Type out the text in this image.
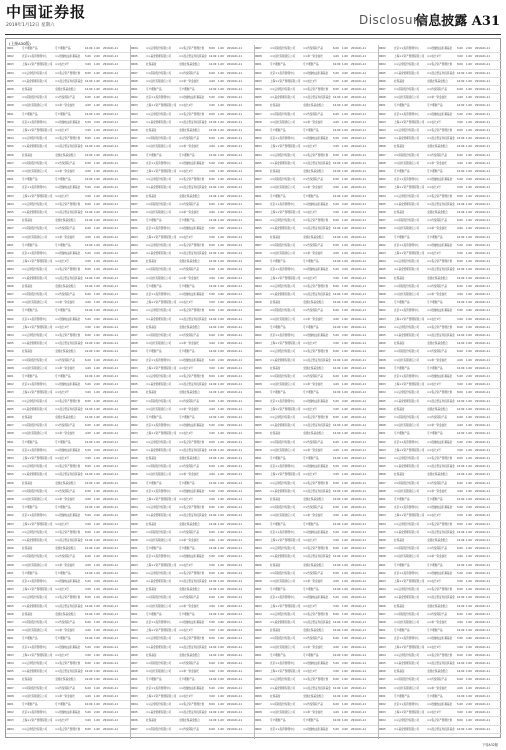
中国证券报
2019年1月12日 星期六	Disclosure
信息披露 A31
(上接A30版)
9001	专户理财产品	专户理财产品	10.00 1.00	2019-01-11
9002	北京××投资管理中心	××稳健收益私募基金	5.00	2.00	2019-01-11
9003	上海××资产管理有限公司	××成长1号	3.00	1.00	2019-01-11
9004	××证券股份有限公司	××集合资产管理计划	8.00	1.00	2019-01-11
9005	××基金管理有限公司	××混合型证券投资基金 10.00 1.00	2019-01-11
9006	社保基金	全国社保基金组合	10.00 1.00	2019-01-11
9007	××保险股份有限公司	××传统保险产品	6.00	1.00	2019-01-11
9008	××信托有限责任公司	××单一资金信托	4.00	1.00	2019-01-11
9001	专户理财产品	专户理财产品	10.00 1.00	2019-01-11
9002	北京××投资管理中心	××稳健收益私募基金	5.00	2.00	2019-01-11
9003	上海××资产管理有限公司	××成长1号	3.00	1.00	2019-01-11
9004	××证券股份有限公司	××集合资产管理计划	8.00	1.00	2019-01-11
9005	××基金管理有限公司	××混合型证券投资基金 10.00 1.00	2019-01-11
9006	社保基金	全国社保基金组合	10.00 1.00	2019-01-11
9007	××保险股份有限公司	××传统保险产品	6.00	1.00	2019-01-11
9008	××信托有限责任公司	××单一资金信托	4.00	1.00	2019-01-11
9001	专户理财产品	专户理财产品	10.00 1.00	2019-01-11
9002	北京××投资管理中心	××稳健收益私募基金	5.00	2.00	2019-01-11
9003	上海××资产管理有限公司	××成长1号	3.00	1.00	2019-01-11
9004	××证券股份有限公司	××集合资产管理计划	8.00	1.00	2019-01-11
9005	××基金管理有限公司	××混合型证券投资基金 10.00 1.00	2019-01-11
9006	社保基金	全国社保基金组合	10.00 1.00	2019-01-11
9007	××保险股份有限公司	××传统保险产品	6.00	1.00	2019-01-11
9008	××信托有限责任公司	××单一资金信托	4.00	1.00	2019-01-11
9001	专户理财产品	专户理财产品	10.00 1.00	2019-01-11
9002	北京××投资管理中心	××稳健收益私募基金	5.00	2.00	2019-01-11
9003	上海××资产管理有限公司	××成长1号	3.00	1.00	2019-01-11
9004	××证券股份有限公司	××集合资产管理计划	8.00	1.00	2019-01-11
9005	××基金管理有限公司	××混合型证券投资基金 10.00 1.00	2019-01-11
9006	社保基金	全国社保基金组合	10.00 1.00	2019-01-11
9007	××保险股份有限公司	××传统保险产品	6.00	1.00	2019-01-11
9008	××信托有限责任公司	××单一资金信托	4.00	1.00	2019-01-11
9001	专户理财产品	专户理财产品	10.00 1.00	2019-01-11
9002	北京××投资管理中心	××稳健收益私募基金	5.00	2.00	2019-01-11
9003	上海××资产管理有限公司	××成长1号	3.00	1.00	2019-01-11
9004	××证券股份有限公司	××集合资产管理计划	8.00	1.00	2019-01-11
9005	××基金管理有限公司	××混合型证券投资基金 10.00 1.00	2019-01-11
9006	社保基金	全国社保基金组合	10.00 1.00	2019-01-11
9007	××保险股份有限公司	××传统保险产品	6.00	1.00	2019-01-11
9008	××信托有限责任公司	××单一资金信托	4.00	1.00	2019-01-11
9001	专户理财产品	专户理财产品	10.00 1.00	2019-01-11
9002	北京××投资管理中心	××稳健收益私募基金	5.00	2.00	2019-01-11
9003	上海××资产管理有限公司	××成长1号	3.00	1.00	2019-01-11
9004	××证券股份有限公司	××集合资产管理计划	8.00	1.00	2019-01-11
9005	××基金管理有限公司	××混合型证券投资基金 10.00 1.00	2019-01-11
9006	社保基金	全国社保基金组合	10.00 1.00	2019-01-11
9007	××保险股份有限公司	××传统保险产品	6.00	1.00	2019-01-11
9008	××信托有限责任公司	××单一资金信托	4.00	1.00	2019-01-11
9001	专户理财产品	专户理财产品	10.00 1.00	2019-01-11
9002	北京××投资管理中心	××稳健收益私募基金	5.00	2.00	2019-01-11
9003	上海××资产管理有限公司	××成长1号	3.00	1.00	2019-01-11
9004	××证券股份有限公司	××集合资产管理计划	8.00	1.00	2019-01-11
9005	××基金管理有限公司	××混合型证券投资基金 10.00 1.00	2019-01-11
9006	社保基金	全国社保基金组合	10.00 1.00	2019-01-11
9007	××保险股份有限公司	××传统保险产品	6.00	1.00	2019-01-11
9008	××信托有限责任公司	××单一资金信托	4.00	1.00	2019-01-11
9001	专户理财产品	专户理财产品	10.00 1.00	2019-01-11
9002	北京××投资管理中心	××稳健收益私募基金	5.00	2.00	2019-01-11
9003	上海××资产管理有限公司	××成长1号	3.00	1.00	2019-01-11
9004	××证券股份有限公司	××集合资产管理计划	8.00	1.00	2019-01-11
9005	××基金管理有限公司	××混合型证券投资基金 10.00 1.00	2019-01-11
9006	社保基金	全国社保基金组合	10.00 1.00	2019-01-11
9007	××保险股份有限公司	××传统保险产品	6.00	1.00	2019-01-11
9008	××信托有限责任公司	××单一资金信托	4.00	1.00	2019-01-11
9001	专户理财产品	专户理财产品	10.00 1.00	2019-01-11
9002	北京××投资管理中心	××稳健收益私募基金	5.00	2.00	2019-01-11
9003	上海××资产管理有限公司	××成长1号	3.00	1.00	2019-01-11
9004	××证券股份有限公司	××集合资产管理计划	8.00	1.00	2019-01-11
9005	××基金管理有限公司	××混合型证券投资基金 10.00 1.00	2019-01-11
9006	社保基金	全国社保基金组合	10.00 1.00	2019-01-11
9007	××保险股份有限公司	××传统保险产品	6.00	1.00	2019-01-11
9008	××信托有限责任公司	××单一资金信托	4.00	1.00	2019-01-11
9001	专户理财产品	专户理财产品	10.00 1.00	2019-01-11
9002	北京××投资管理中心	××稳健收益私募基金	5.00	2.00	2019-01-11
9003	上海××资产管理有限公司	××成长1号	3.00	1.00	2019-01-11
9004	××证券股份有限公司	××集合资产管理计划	8.00	1.00	2019-01-11
9005	××基金管理有限公司	××混合型证券投资基金 10.00 1.00	2019-01-11
9006	社保基金	全国社保基金组合	10.00 1.00	2019-01-11
9007	××保险股份有限公司	××传统保险产品	6.00	1.00	2019-01-11
9008	××信托有限责任公司	××单一资金信托	4.00	1.00	2019-01-11
9001	专户理财产品	专户理财产品	10.00 1.00	2019-01-11
9002	北京××投资管理中心	××稳健收益私募基金	5.00	2.00	2019-01-11
9003	上海××资产管理有限公司	××成长1号	3.00	1.00	2019-01-11
9004	××证券股份有限公司	××集合资产管理计划	8.00	1.00	2019-01-11
9004	××证券股份有限公司	××集合资产管理计划	8.00	1.00	2019-01-11
9005	××基金管理有限公司	××混合型证券投资基金 10.00 1.00	2019-01-11
9006	社保基金	全国社保基金组合	10.00 1.00	2019-01-11
9007	××保险股份有限公司	××传统保险产品	6.00	1.00	2019-01-11
9008	××信托有限责任公司	××单一资金信托	4.00	1.00	2019-01-11
9001	专户理财产品	专户理财产品	10.00 1.00	2019-01-11
9002	北京××投资管理中心	××稳健收益私募基金	5.00	2.00	2019-01-11
9003	上海××资产管理有限公司	××成长1号	3.00	1.00	2019-01-11
9004	××证券股份有限公司	××集合资产管理计划	8.00	1.00	2019-01-11
9005	××基金管理有限公司	××混合型证券投资基金 10.00 1.00	2019-01-11
9006	社保基金	全国社保基金组合	10.00 1.00	2019-01-11
9007	××保险股份有限公司	××传统保险产品	6.00	1.00	2019-01-11
9008	××信托有限责任公司	××单一资金信托	4.00	1.00	2019-01-11
9001	专户理财产品	专户理财产品	10.00 1.00	2019-01-11
9002	北京××投资管理中心	××稳健收益私募基金	5.00	2.00	2019-01-11
9003	上海××资产管理有限公司	××成长1号	3.00	1.00	2019-01-11
9004	××证券股份有限公司	××集合资产管理计划	8.00	1.00	2019-01-11
9005	××基金管理有限公司	××混合型证券投资基金 10.00 1.00	2019-01-11
9006	社保基金	全国社保基金组合	10.00 1.00	2019-01-11
9007	××保险股份有限公司	××传统保险产品	6.00	1.00	2019-01-11
9008	××信托有限责任公司	××单一资金信托	4.00	1.00	2019-01-11
9001	专户理财产品	专户理财产品	10.00 1.00	2019-01-11
9002	北京××投资管理中心	××稳健收益私募基金	5.00	2.00	2019-01-11
9003	上海××资产管理有限公司	××成长1号	3.00	1.00	2019-01-11
9004	××证券股份有限公司	××集合资产管理计划	8.00	1.00	2019-01-11
9005	××基金管理有限公司	××混合型证券投资基金 10.00 1.00	2019-01-11
9006	社保基金	全国社保基金组合	10.00 1.00	2019-01-11
9007	××保险股份有限公司	××传统保险产品	6.00	1.00	2019-01-11
9008	××信托有限责任公司	××单一资金信托	4.00	1.00	2019-01-11
9001	专户理财产品	专户理财产品	10.00 1.00	2019-01-11
9002	北京××投资管理中心	××稳健收益私募基金	5.00	2.00	2019-01-11
9003	上海××资产管理有限公司	××成长1号	3.00	1.00	2019-01-11
9004	××证券股份有限公司	××集合资产管理计划	8.00	1.00	2019-01-11
9005	××基金管理有限公司	××混合型证券投资基金 10.00 1.00	2019-01-11
9006	社保基金	全国社保基金组合	10.00 1.00	2019-01-11
9007	××保险股份有限公司	××传统保险产品	6.00	1.00	2019-01-11
9008	××信托有限责任公司	××单一资金信托	4.00	1.00	2019-01-11
9001	专户理财产品	专户理财产品	10.00 1.00	2019-01-11
9002	北京××投资管理中心	××稳健收益私募基金	5.00	2.00	2019-01-11
9003	上海××资产管理有限公司	××成长1号	3.00	1.00	2019-01-11
9004	××证券股份有限公司	××集合资产管理计划	8.00	1.00	2019-01-11
9005	××基金管理有限公司	××混合型证券投资基金 10.00 1.00	2019-01-11
9006	社保基金	全国社保基金组合	10.00 1.00	2019-01-11
9007	××保险股份有限公司	××传统保险产品	6.00	1.00	2019-01-11
9008	××信托有限责任公司	××单一资金信托	4.00	1.00	2019-01-11
9001	专户理财产品	专户理财产品	10.00 1.00	2019-01-11
9002	北京××投资管理中心	××稳健收益私募基金	5.00	2.00	2019-01-11
9003	上海××资产管理有限公司	××成长1号	3.00	1.00	2019-01-11
9004	××证券股份有限公司	××集合资产管理计划	8.00	1.00	2019-01-11
9005	××基金管理有限公司	××混合型证券投资基金 10.00 1.00	2019-01-11
9006	社保基金	全国社保基金组合	10.00 1.00	2019-01-11
9007	××保险股份有限公司	××传统保险产品	6.00	1.00	2019-01-11
9008	××信托有限责任公司	××单一资金信托	4.00	1.00	2019-01-11
9001	专户理财产品	专户理财产品	10.00 1.00	2019-01-11
9002	北京××投资管理中心	××稳健收益私募基金	5.00	2.00	2019-01-11
9003	上海××资产管理有限公司	××成长1号	3.00	1.00	2019-01-11
9004	××证券股份有限公司	××集合资产管理计划	8.00	1.00	2019-01-11
9005	××基金管理有限公司	××混合型证券投资基金 10.00 1.00	2019-01-11
9006	社保基金	全国社保基金组合	10.00 1.00	2019-01-11
9007	××保险股份有限公司	××传统保险产品	6.00	1.00	2019-01-11
9008	××信托有限责任公司	××单一资金信托	4.00	1.00	2019-01-11
9001	专户理财产品	专户理财产品	10.00 1.00	2019-01-11
9002	北京××投资管理中心	××稳健收益私募基金	5.00	2.00	2019-01-11
9003	上海××资产管理有限公司	××成长1号	3.00	1.00	2019-01-11
9004	××证券股份有限公司	××集合资产管理计划	8.00	1.00	2019-01-11
9005	××基金管理有限公司	××混合型证券投资基金 10.00 1.00	2019-01-11
9006	社保基金	全国社保基金组合	10.00 1.00	2019-01-11
9007	××保险股份有限公司	××传统保险产品	6.00	1.00	2019-01-11
9008	××信托有限责任公司	××单一资金信托	4.00	1.00	2019-01-11
9001	专户理财产品	专户理财产品	10.00 1.00	2019-01-11
9002	北京××投资管理中心	××稳健收益私募基金	5.00	2.00	2019-01-11
9003	上海××资产管理有限公司	××成长1号	3.00	1.00	2019-01-11
9004	××证券股份有限公司	××集合资产管理计划	8.00	1.00	2019-01-11
9005	××基金管理有限公司	××混合型证券投资基金 10.00 1.00	2019-01-11
9006	社保基金	全国社保基金组合	10.00 1.00	2019-01-11
9007	××保险股份有限公司	××传统保险产品	6.00	1.00	2019-01-11
9008	××信托有限责任公司	××单一资金信托	4.00	1.00	2019-01-11
9001	专户理财产品	专户理财产品	10.00 1.00	2019-01-11
9002	北京××投资管理中心	××稳健收益私募基金	5.00	2.00	2019-01-11
9003	上海××资产管理有限公司	××成长1号	3.00	1.00	2019-01-11
9004	××证券股份有限公司	××集合资产管理计划	8.00	1.00	2019-01-11
9005	××基金管理有限公司	××混合型证券投资基金 10.00 1.00	2019-01-11
9006	社保基金	全国社保基金组合	10.00 1.00	2019-01-11
9007	××保险股份有限公司	××传统保险产品	6.00	1.00	2019-01-11
9007	××保险股份有限公司	××传统保险产品	6.00	1.00	2019-01-11
9008	××信托有限责任公司	××单一资金信托	4.00	1.00	2019-01-11
9001	专户理财产品	专户理财产品	10.00 1.00	2019-01-11
9002	北京××投资管理中心	××稳健收益私募基金	5.00	2.00	2019-01-11
9003	上海××资产管理有限公司	××成长1号	3.00	1.00	2019-01-11
9004	××证券股份有限公司	××集合资产管理计划	8.00	1.00	2019-01-11
9005	××基金管理有限公司	××混合型证券投资基金 10.00 1.00	2019-01-11
9006	社保基金	全国社保基金组合	10.00 1.00	2019-01-11
9007	××保险股份有限公司	××传统保险产品	6.00	1.00	2019-01-11
9008	××信托有限责任公司	××单一资金信托	4.00	1.00	2019-01-11
9001	专户理财产品	专户理财产品	10.00 1.00	2019-01-11
9002	北京××投资管理中心	××稳健收益私募基金	5.00	2.00	2019-01-11
9003	上海××资产管理有限公司	××成长1号	3.00	1.00	2019-01-11
9004	××证券股份有限公司	××集合资产管理计划	8.00	1.00	2019-01-11
9005	××基金管理有限公司	××混合型证券投资基金 10.00 1.00	2019-01-11
9006	社保基金	全国社保基金组合	10.00 1.00	2019-01-11
9007	××保险股份有限公司	××传统保险产品	6.00	1.00	2019-01-11
9008	××信托有限责任公司	××单一资金信托	4.00	1.00	2019-01-11
9001	专户理财产品	专户理财产品	10.00 1.00	2019-01-11
9002	北京××投资管理中心	××稳健收益私募基金	5.00	2.00	2019-01-11
9003	上海××资产管理有限公司	××成长1号	3.00	1.00	2019-01-11
9004	××证券股份有限公司	××集合资产管理计划	8.00	1.00	2019-01-11
9005	××基金管理有限公司	××混合型证券投资基金 10.00 1.00	2019-01-11
9006	社保基金	全国社保基金组合	10.00 1.00	2019-01-11
9007	××保险股份有限公司	××传统保险产品	6.00	1.00	2019-01-11
9008	××信托有限责任公司	××单一资金信托	4.00	1.00	2019-01-11
9001	专户理财产品	专户理财产品	10.00 1.00	2019-01-11
9002	北京××投资管理中心	××稳健收益私募基金	5.00	2.00	2019-01-11
9003	上海××资产管理有限公司	××成长1号	3.00	1.00	2019-01-11
9004	××证券股份有限公司	××集合资产管理计划	8.00	1.00	2019-01-11
9005	××基金管理有限公司	××混合型证券投资基金 10.00 1.00	2019-01-11
9006	社保基金	全国社保基金组合	10.00 1.00	2019-01-11
9007	××保险股份有限公司	××传统保险产品	6.00	1.00	2019-01-11
9008	××信托有限责任公司	××单一资金信托	4.00	1.00	2019-01-11
9001	专户理财产品	专户理财产品	10.00 1.00	2019-01-11
9002	北京××投资管理中心	××稳健收益私募基金	5.00	2.00	2019-01-11
9003	上海××资产管理有限公司	××成长1号	3.00	1.00	2019-01-11
9004	××证券股份有限公司	××集合资产管理计划	8.00	1.00	2019-01-11
9005	××基金管理有限公司	××混合型证券投资基金 10.00 1.00	2019-01-11
9006	社保基金	全国社保基金组合	10.00 1.00	2019-01-11
9007	××保险股份有限公司	××传统保险产品	6.00	1.00	2019-01-11
9008	××信托有限责任公司	××单一资金信托	4.00	1.00	2019-01-11
9001	专户理财产品	专户理财产品	10.00 1.00	2019-01-11
9002	北京××投资管理中心	××稳健收益私募基金	5.00	2.00	2019-01-11
9003	上海××资产管理有限公司	××成长1号	3.00	1.00	2019-01-11
9004	××证券股份有限公司	××集合资产管理计划	8.00	1.00	2019-01-11
9005	××基金管理有限公司	××混合型证券投资基金 10.00 1.00	2019-01-11
9006	社保基金	全国社保基金组合	10.00 1.00	2019-01-11
9007	××保险股份有限公司	××传统保险产品	6.00	1.00	2019-01-11
9008	××信托有限责任公司	××单一资金信托	4.00	1.00	2019-01-11
9001	专户理财产品	专户理财产品	10.00 1.00	2019-01-11
9002	北京××投资管理中心	××稳健收益私募基金	5.00	2.00	2019-01-11
9003	上海××资产管理有限公司	××成长1号	3.00	1.00	2019-01-11
9004	××证券股份有限公司	××集合资产管理计划	8.00	1.00	2019-01-11
9005	××基金管理有限公司	××混合型证券投资基金 10.00 1.00	2019-01-11
9006	社保基金	全国社保基金组合	10.00 1.00	2019-01-11
9007	××保险股份有限公司	××传统保险产品	6.00	1.00	2019-01-11
9008	××信托有限责任公司	××单一资金信托	4.00	1.00	2019-01-11
9001	专户理财产品	专户理财产品	10.00 1.00	2019-01-11
9002	北京××投资管理中心	××稳健收益私募基金	5.00	2.00	2019-01-11
9003	上海××资产管理有限公司	××成长1号	3.00	1.00	2019-01-11
9004	××证券股份有限公司	××集合资产管理计划	8.00	1.00	2019-01-11
9005	××基金管理有限公司	××混合型证券投资基金 10.00 1.00	2019-01-11
9006	社保基金	全国社保基金组合	10.00 1.00	2019-01-11
9007	××保险股份有限公司	××传统保险产品	6.00	1.00	2019-01-11
9008	××信托有限责任公司	××单一资金信托	4.00	1.00	2019-01-11
9001	专户理财产品	专户理财产品	10.00 1.00	2019-01-11
9002	北京××投资管理中心	××稳健收益私募基金	5.00	2.00	2019-01-11
9003	上海××资产管理有限公司	××成长1号	3.00	1.00	2019-01-11
9004	××证券股份有限公司	××集合资产管理计划	8.00	1.00	2019-01-11
9005	××基金管理有限公司	××混合型证券投资基金 10.00 1.00	2019-01-11
9006	社保基金	全国社保基金组合	10.00 1.00	2019-01-11
9007	××保险股份有限公司	××传统保险产品	6.00	1.00	2019-01-11
9008	××信托有限责任公司	××单一资金信托	4.00	1.00	2019-01-11
9001	专户理财产品	专户理财产品	10.00 1.00	2019-01-11
9002	北京××投资管理中心	××稳健收益私募基金	5.00	2.00	2019-01-11
9003	上海××资产管理有限公司	××成长1号	3.00	1.00	2019-01-11
9004	××证券股份有限公司	××集合资产管理计划	8.00	1.00	2019-01-11
9005	××基金管理有限公司	××混合型证券投资基金 10.00 1.00	2019-01-11
9006	社保基金	全国社保基金组合	10.00 1.00	2019-01-11
9007	××保险股份有限公司	××传统保险产品	6.00	1.00	2019-01-11
9008	××信托有限责任公司	××单一资金信托	4.00	1.00	2019-01-11
9001	专户理财产品	专户理财产品	10.00 1.00	2019-01-11
9002	北京××投资管理中心	××稳健收益私募基金	5.00	2.00	2019-01-11
9002	北京××投资管理中心	××稳健收益私募基金	5.00	2.00	2019-01-11
9003	上海××资产管理有限公司	××成长1号	3.00	1.00	2019-01-11
9004	××证券股份有限公司	××集合资产管理计划	8.00	1.00	2019-01-11
9005	××基金管理有限公司	××混合型证券投资基金 10.00 1.00	2019-01-11
9006	社保基金	全国社保基金组合	10.00 1.00	2019-01-11
9007	××保险股份有限公司	××传统保险产品	6.00	1.00	2019-01-11
9008	××信托有限责任公司	××单一资金信托	4.00	1.00	2019-01-11
9001	专户理财产品	专户理财产品	10.00 1.00	2019-01-11
9002	北京××投资管理中心	××稳健收益私募基金	5.00	2.00	2019-01-11
9003	上海××资产管理有限公司	××成长1号	3.00	1.00	2019-01-11
9004	××证券股份有限公司	××集合资产管理计划	8.00	1.00	2019-01-11
9005	××基金管理有限公司	××混合型证券投资基金 10.00 1.00	2019-01-11
9006	社保基金	全国社保基金组合	10.00 1.00	2019-01-11
9007	××保险股份有限公司	××传统保险产品	6.00	1.00	2019-01-11
9008	××信托有限责任公司	××单一资金信托	4.00	1.00	2019-01-11
9001	专户理财产品	专户理财产品	10.00 1.00	2019-01-11
9002	北京××投资管理中心	××稳健收益私募基金	5.00	2.00	2019-01-11
9003	上海××资产管理有限公司	××成长1号	3.00	1.00	2019-01-11
9004	××证券股份有限公司	××集合资产管理计划	8.00	1.00	2019-01-11
9005	××基金管理有限公司	××混合型证券投资基金 10.00 1.00	2019-01-11
9006	社保基金	全国社保基金组合	10.00 1.00	2019-01-11
9007	××保险股份有限公司	××传统保险产品	6.00	1.00	2019-01-11
9008	××信托有限责任公司	××单一资金信托	4.00	1.00	2019-01-11
9001	专户理财产品	专户理财产品	10.00 1.00	2019-01-11
9002	北京××投资管理中心	××稳健收益私募基金	5.00	2.00	2019-01-11
9003	上海××资产管理有限公司	××成长1号	3.00	1.00	2019-01-11
9004	××证券股份有限公司	××集合资产管理计划	8.00	1.00	2019-01-11
9005	××基金管理有限公司	××混合型证券投资基金 10.00 1.00	2019-01-11
9006	社保基金	全国社保基金组合	10.00 1.00	2019-01-11
9007	××保险股份有限公司	××传统保险产品	6.00	1.00	2019-01-11
9008	××信托有限责任公司	××单一资金信托	4.00	1.00	2019-01-11
9001	专户理财产品	专户理财产品	10.00 1.00	2019-01-11
9002	北京××投资管理中心	××稳健收益私募基金	5.00	2.00	2019-01-11
9003	上海××资产管理有限公司	××成长1号	3.00	1.00	2019-01-11
9004	××证券股份有限公司	××集合资产管理计划	8.00	1.00	2019-01-11
9005	××基金管理有限公司	××混合型证券投资基金 10.00 1.00	2019-01-11
9006	社保基金	全国社保基金组合	10.00 1.00	2019-01-11
9007	××保险股份有限公司	××传统保险产品	6.00	1.00	2019-01-11
9008	××信托有限责任公司	××单一资金信托	4.00	1.00	2019-01-11
9001	专户理财产品	专户理财产品	10.00 1.00	2019-01-11
9002	北京××投资管理中心	××稳健收益私募基金	5.00	2.00	2019-01-11
9003	上海××资产管理有限公司	××成长1号	3.00	1.00	2019-01-11
9004	××证券股份有限公司	××集合资产管理计划	8.00	1.00	2019-01-11
9005	××基金管理有限公司	××混合型证券投资基金 10.00 1.00	2019-01-11
9006	社保基金	全国社保基金组合	10.00 1.00	2019-01-11
9007	××保险股份有限公司	××传统保险产品	6.00	1.00	2019-01-11
9008	××信托有限责任公司	××单一资金信托	4.00	1.00	2019-01-11
9001	专户理财产品	专户理财产品	10.00 1.00	2019-01-11
9002	北京××投资管理中心	××稳健收益私募基金	5.00	2.00	2019-01-11
9003	上海××资产管理有限公司	××成长1号	3.00	1.00	2019-01-11
9004	××证券股份有限公司	××集合资产管理计划	8.00	1.00	2019-01-11
9005	××基金管理有限公司	××混合型证券投资基金 10.00 1.00	2019-01-11
9006	社保基金	全国社保基金组合	10.00 1.00	2019-01-11
9007	××保险股份有限公司	××传统保险产品	6.00	1.00	2019-01-11
9008	××信托有限责任公司	××单一资金信托	4.00	1.00	2019-01-11
9001	专户理财产品	专户理财产品	10.00 1.00	2019-01-11
9002	北京××投资管理中心	××稳健收益私募基金	5.00	2.00	2019-01-11
9003	上海××资产管理有限公司	××成长1号	3.00	1.00	2019-01-11
9004	××证券股份有限公司	××集合资产管理计划	8.00	1.00	2019-01-11
9005	××基金管理有限公司	××混合型证券投资基金 10.00 1.00	2019-01-11
9006	社保基金	全国社保基金组合	10.00 1.00	2019-01-11
9007	××保险股份有限公司	××传统保险产品	6.00	1.00	2019-01-11
9008	××信托有限责任公司	××单一资金信托	4.00	1.00	2019-01-11
9001	专户理财产品	专户理财产品	10.00 1.00	2019-01-11
9002	北京××投资管理中心	××稳健收益私募基金	5.00	2.00	2019-01-11
9003	上海××资产管理有限公司	××成长1号	3.00	1.00	2019-01-11
9004	××证券股份有限公司	××集合资产管理计划	8.00	1.00	2019-01-11
9005	××基金管理有限公司	××混合型证券投资基金 10.00 1.00	2019-01-11
9006	社保基金	全国社保基金组合	10.00 1.00	2019-01-11
9007	××保险股份有限公司	××传统保险产品	6.00	1.00	2019-01-11
9008	××信托有限责任公司	××单一资金信托	4.00	1.00	2019-01-11
9001	专户理财产品	专户理财产品	10.00 1.00	2019-01-11
9002	北京××投资管理中心	××稳健收益私募基金	5.00	2.00	2019-01-11
9003	上海××资产管理有限公司	××成长1号	3.00	1.00	2019-01-11
9004	××证券股份有限公司	××集合资产管理计划	8.00	1.00	2019-01-11
9005	××基金管理有限公司	××混合型证券投资基金 10.00 1.00	2019-01-11
9006	社保基金	全国社保基金组合	10.00 1.00	2019-01-11
9007	××保险股份有限公司	××传统保险产品	6.00	1.00	2019-01-11
9008	××信托有限责任公司	××单一资金信托	4.00	1.00	2019-01-11
9001	专户理财产品	专户理财产品	10.00 1.00	2019-01-11
9002	北京××投资管理中心	××稳健收益私募基金	5.00	2.00	2019-01-11
9003	上海××资产管理有限公司	××成长1号	3.00	1.00	2019-01-11
9004	××证券股份有限公司	××集合资产管理计划	8.00	1.00	2019-01-11
9005	××基金管理有限公司	××混合型证券投资基金 10.00 1.00	2019-01-11
下转A32版
